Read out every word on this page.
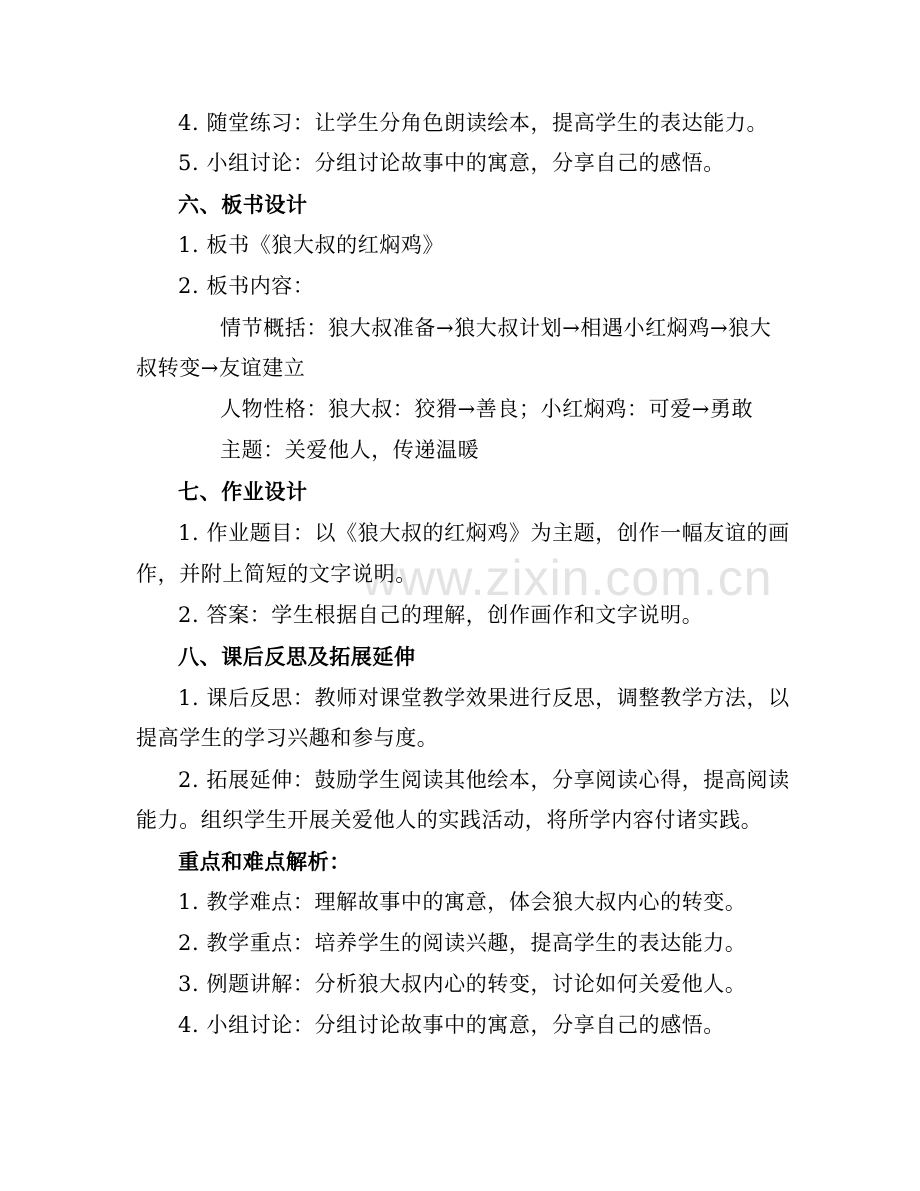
www.zixin.com.cn
4. 随堂练习：让学生分角色朗读绘本，提高学生的表达能力。
5. 小组讨论：分组讨论故事中的寓意，分享自己的感悟。
六、板书设计
1. 板书《狼大叔的红焖鸡》
2. 板书内容：
情节概括：狼大叔准备→狼大叔计划→相遇小红焖鸡→狼大
叔转变→友谊建立
人物性格：狼大叔：狡猾→善良；小红焖鸡：可爱→勇敢
主题：关爱他人，传递温暖
七、作业设计
1. 作业题目：以《狼大叔的红焖鸡》为主题，创作一幅友谊的画
作，并附上简短的文字说明。
2. 答案：学生根据自己的理解，创作画作和文字说明。
八、课后反思及拓展延伸
1. 课后反思：教师对课堂教学效果进行反思，调整教学方法，以
提高学生的学习兴趣和参与度。
2. 拓展延伸：鼓励学生阅读其他绘本，分享阅读心得，提高阅读
能力。组织学生开展关爱他人的实践活动，将所学内容付诸实践。
重点和难点解析：
1. 教学难点：理解故事中的寓意，体会狼大叔内心的转变。
2. 教学重点：培养学生的阅读兴趣，提高学生的表达能力。
3. 例题讲解：分析狼大叔内心的转变，讨论如何关爱他人。
4. 小组讨论：分组讨论故事中的寓意，分享自己的感悟。
